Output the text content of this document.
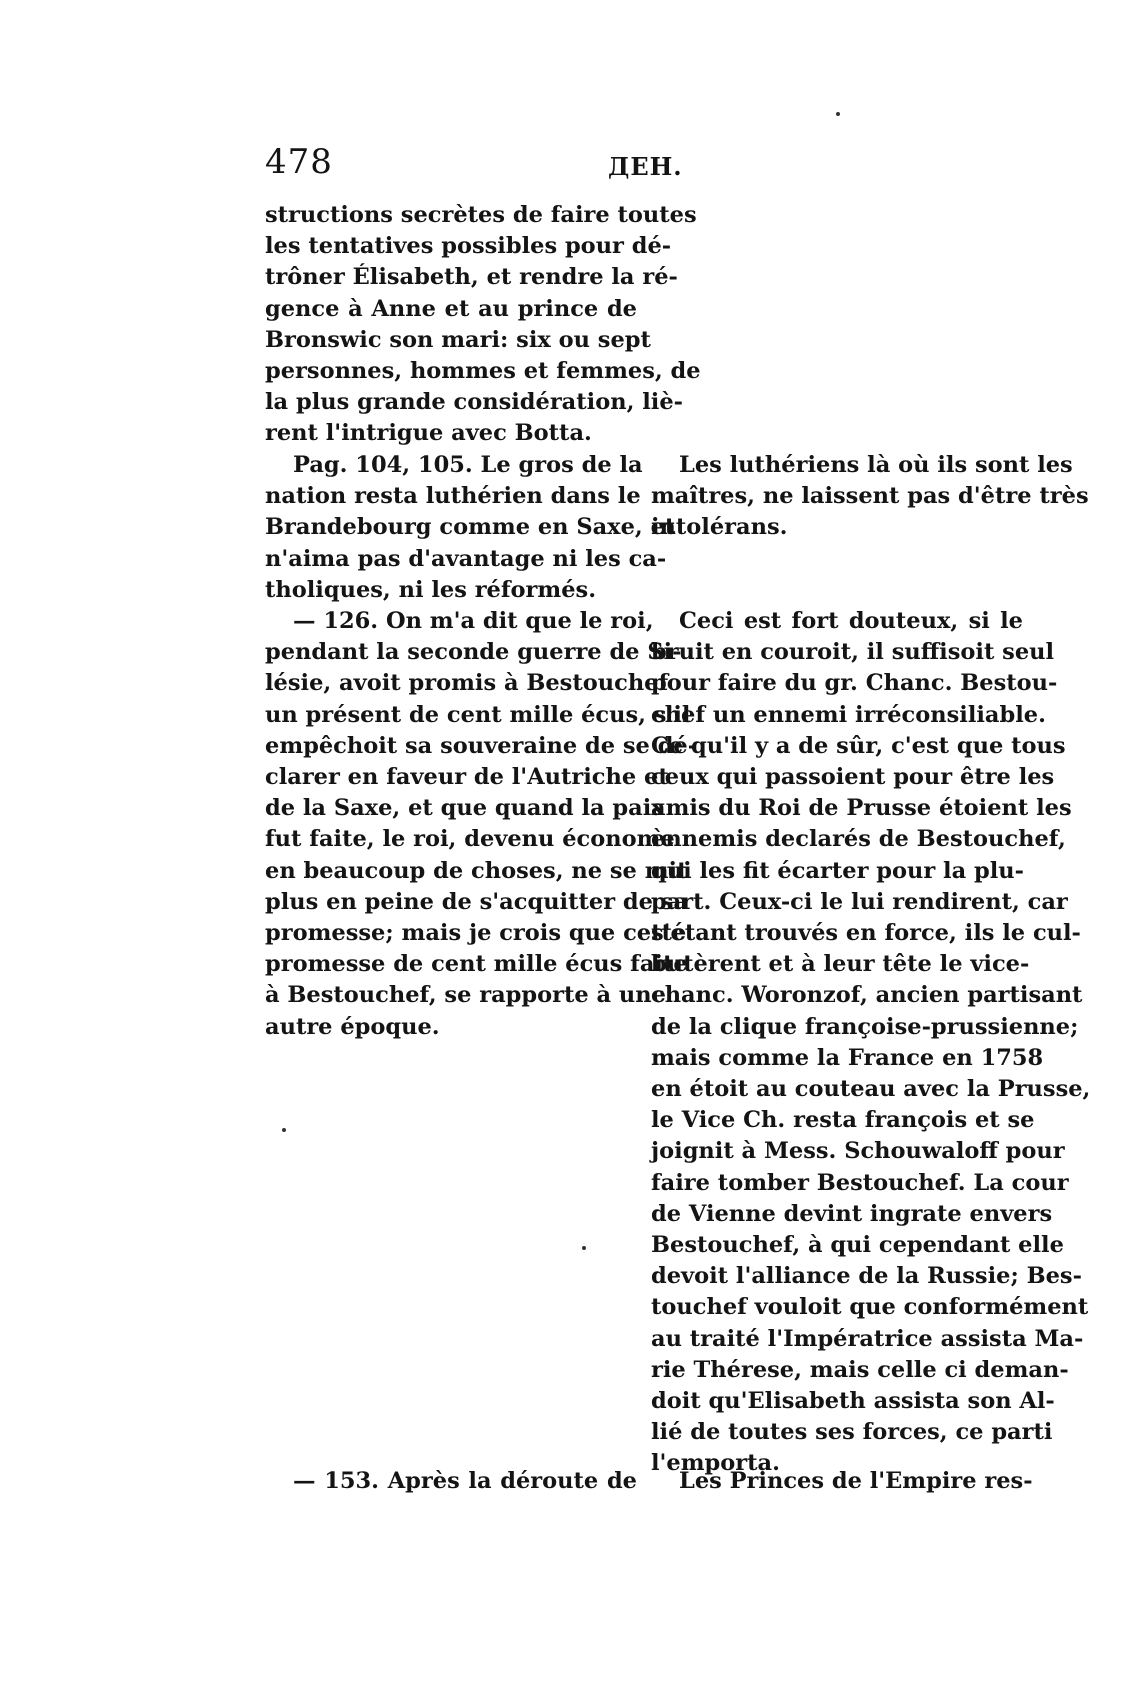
478	ДЕН.
structions secrètes de faire toutes
les tentatives possibles pour dé-
trôner Élisabeth, et rendre la ré-
gence à Anne et au prince de
Bronswic son mari: six ou sept
personnes, hommes et femmes, de
la plus grande considération, liè-
rent l'intrigue avec Botta.
Pag. 104, 105. Le gros de la
nation resta luthérien dans le
Brandebourg comme en Saxe, et
n'aima pas d'avantage ni les ca-
tholiques, ni les réformés.
— 126. On m'a dit que le roi,
pendant la seconde guerre de Si-
lésie, avoit promis à Bestouchef
un présent de cent mille écus, s'il
empêchoit sa souveraine de se dé-
clarer en faveur de l'Autriche et
de la Saxe, et que quand la paix
fut faite, le roi, devenu économe
en beaucoup de choses, ne se mit
plus en peine de s'acquitter de sa
promesse; mais je crois que cette
promesse de cent mille écus faite
à Bestouchef, se rapporte à une
autre époque.
— 153. Après la déroute de
Les luthériens là où ils sont les
maîtres, ne laissent pas d'être très
intolérans.
Ceci est fort douteux, si le
bruit en couroit, il suffisoit seul
pour faire du gr. Chanc. Bestou-
chef un ennemi irréconsiliable.
Ce qu'il y a de sûr, c'est que tous
ceux qui passoient pour être les
amis du Roi de Prusse étoient les
ènnemis declarés de Bestouchef,
qui les fit écarter pour la plu-
part. Ceux-ci le lui rendirent, car
s'étant trouvés en force, ils le cul-
butèrent et à leur tête le vice-
chanc. Woronzof, ancien partisant
de la clique françoise-prussienne;
mais comme la France en 1758
en étoit au couteau avec la Prusse,
le Vice Ch. resta françois et se
joignit à Mess. Schouwaloff pour
faire tomber Bestouchef. La cour
de Vienne devint ingrate envers
Bestouchef, à qui cependant elle
devoit l'alliance de la Russie; Bes-
touchef vouloit que conformément
au traité l'Impératrice assista Ma-
rie Thérese, mais celle ci deman-
doit qu'Elisabeth assista son Al-
lié de toutes ses forces, ce parti
l'emporta.
Les Princes de l'Empire res-
